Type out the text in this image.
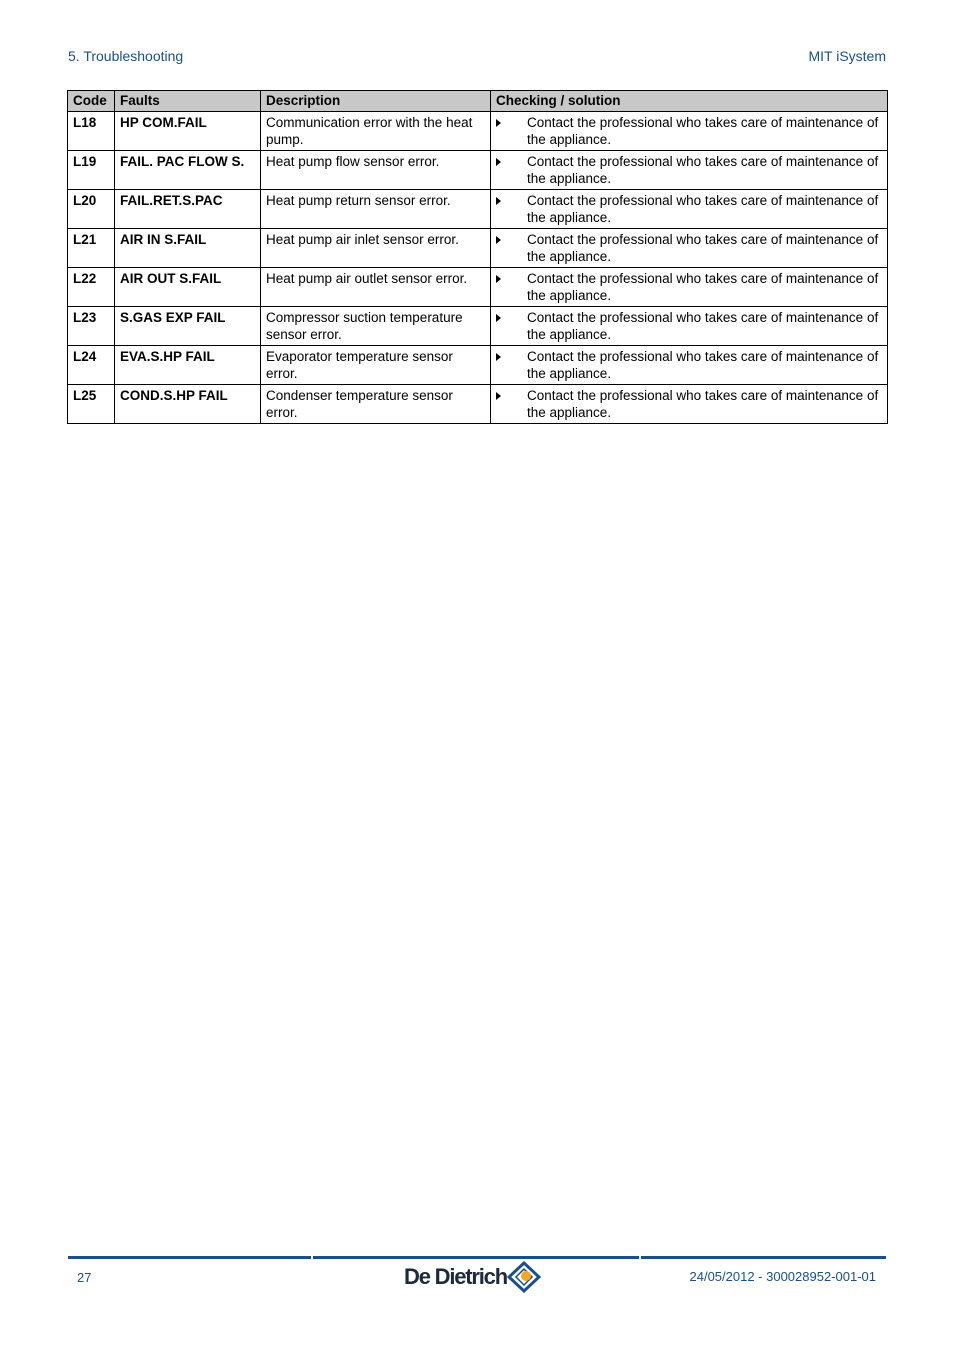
5. Troubleshooting	MIT iSystem
Code	Faults	Description	Checking / solution
L18	HP COM.FAIL	Communication error with the heat pump.	Contact the professional who takes care of maintenance of the appliance.

L19	FAIL. PAC FLOW S.	Heat pump flow sensor error.	Contact the professional who takes care of maintenance of the appliance.

L20	FAIL.RET.S.PAC	Heat pump return sensor error.	Contact the professional who takes care of maintenance of the appliance.

L21	AIR IN S.FAIL	Heat pump air inlet sensor error.	Contact the professional who takes care of maintenance of the appliance.

L22	AIR OUT S.FAIL	Heat pump air outlet sensor error.	Contact the professional who takes care of maintenance of the appliance.

L23	S.GAS EXP FAIL	Compressor suction temperature sensor error.	Contact the professional who takes care of maintenance of the appliance.

L24	EVA.S.HP FAIL	Evaporator temperature sensor error.	Contact the professional who takes care of maintenance of the appliance.

L25	COND.S.HP FAIL	Condenser temperature sensor error.	Contact the professional who takes care of maintenance of the appliance.
27	De Dietrich	24/05/2012 - 300028952-001-01
